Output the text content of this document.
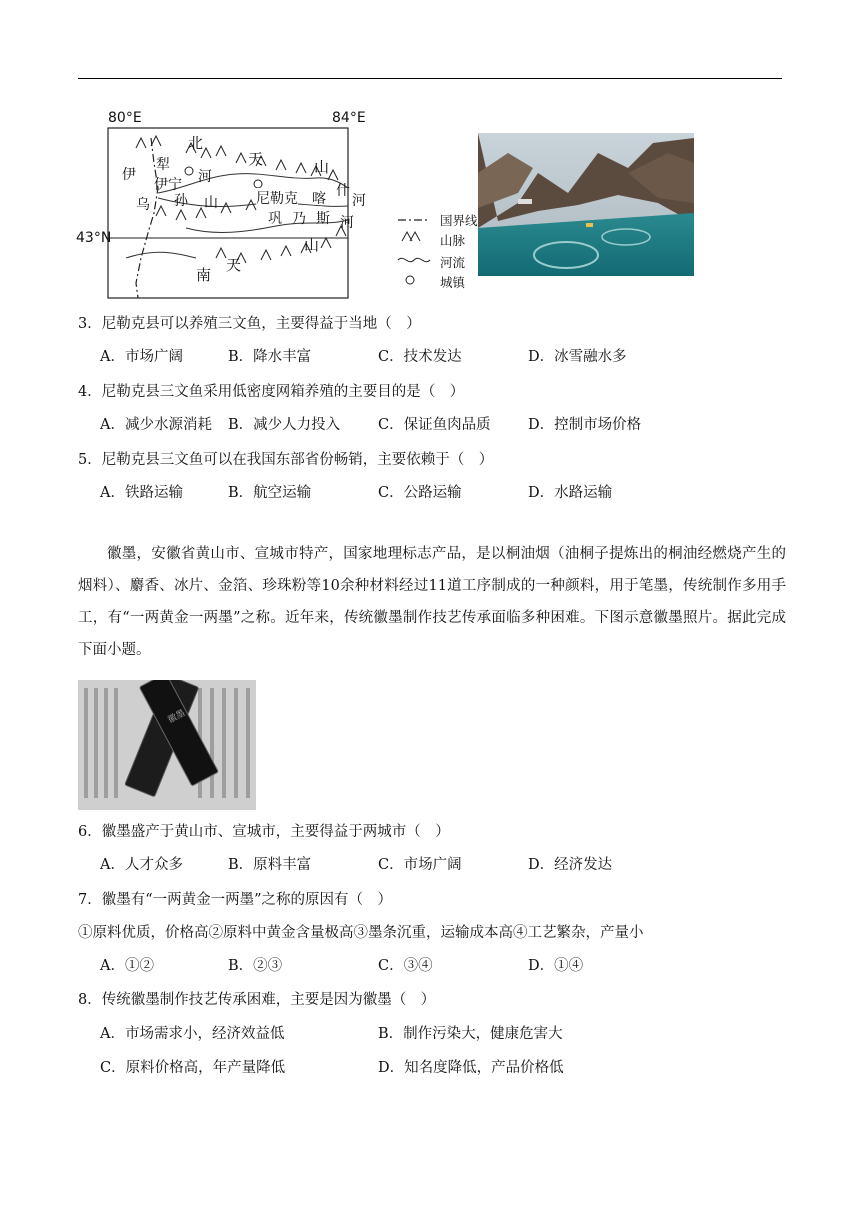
80°E	84°E
43°N
北
天	山
伊
犁
河
伊宁
乌 孙 山	尼勒克 喀 什
河
巩 乃 斯 河
山
南
天
国界线
山脉
河流
城镇
3．尼勒克县可以养殖三文鱼，主要得益于当地（　）
A．市场广阔	B．降水丰富	C．技术发达	D．冰雪融水多
4．尼勒克县三文鱼采用低密度网箱养殖的主要目的是（　）
A．减少水源消耗 B．减少人力投入	C．保证鱼肉品质	D．控制市场价格
5．尼勒克县三文鱼可以在我国东部省份畅销，主要依赖于（　）
A．铁路运输	B．航空运输	C．公路运输	D．水路运输
徽墨，安徽省黄山市、宣城市特产，国家地理标志产品，是以桐油烟（油桐子提炼出的桐油经燃烧产生的烟料）、麝香、冰片、金箔、珍珠粉等10余种材料经过11道工序制成的一种颜料，用于笔墨，传统制作多用手工，有“一两黄金一两墨”之称。近年来，传统徽墨制作技艺传承面临多种困难。下图示意徽墨照片。据此完成下面小题。
徽墨
6．徽墨盛产于黄山市、宣城市，主要得益于两城市（　）
A．人才众多	B．原料丰富	C．市场广阔	D．经济发达
7．徽墨有“一两黄金一两墨”之称的原因有（　）
①原料优质，价格高②原料中黄金含量极高③墨条沉重，运输成本高④工艺繁杂，产量小
A．①②	B．②③	C．③④	D．①④
8．传统徽墨制作技艺传承困难，主要是因为徽墨（　）
A．市场需求小，经济效益低	B．制作污染大，健康危害大
C．原料价格高，年产量降低	D．知名度降低，产品价格低
